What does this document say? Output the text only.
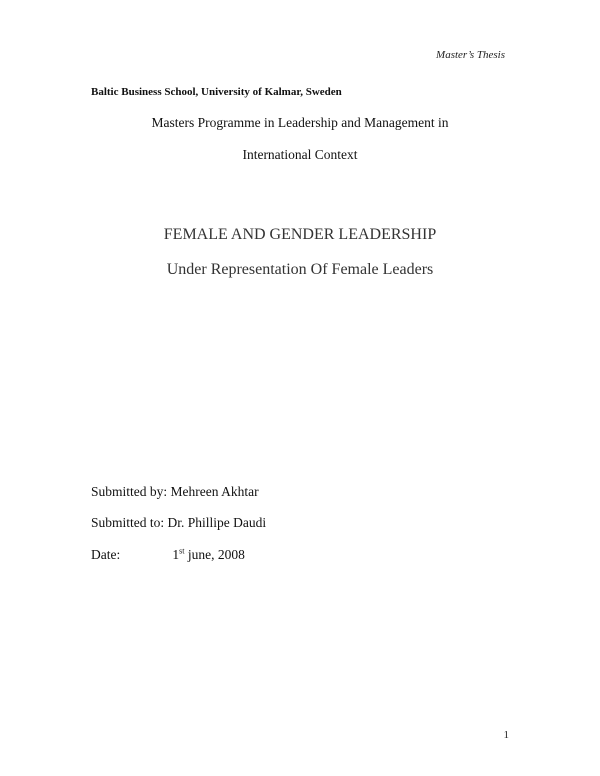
Master’s Thesis
Baltic Business School, University of Kalmar, Sweden
Masters Programme in Leadership and Management in
International Context
FEMALE AND GENDER LEADERSHIP
Under Representation Of Female Leaders
Submitted by: Mehreen Akhtar
Submitted to: Dr. Phillipe Daudi
Date:	1st june, 2008
1
